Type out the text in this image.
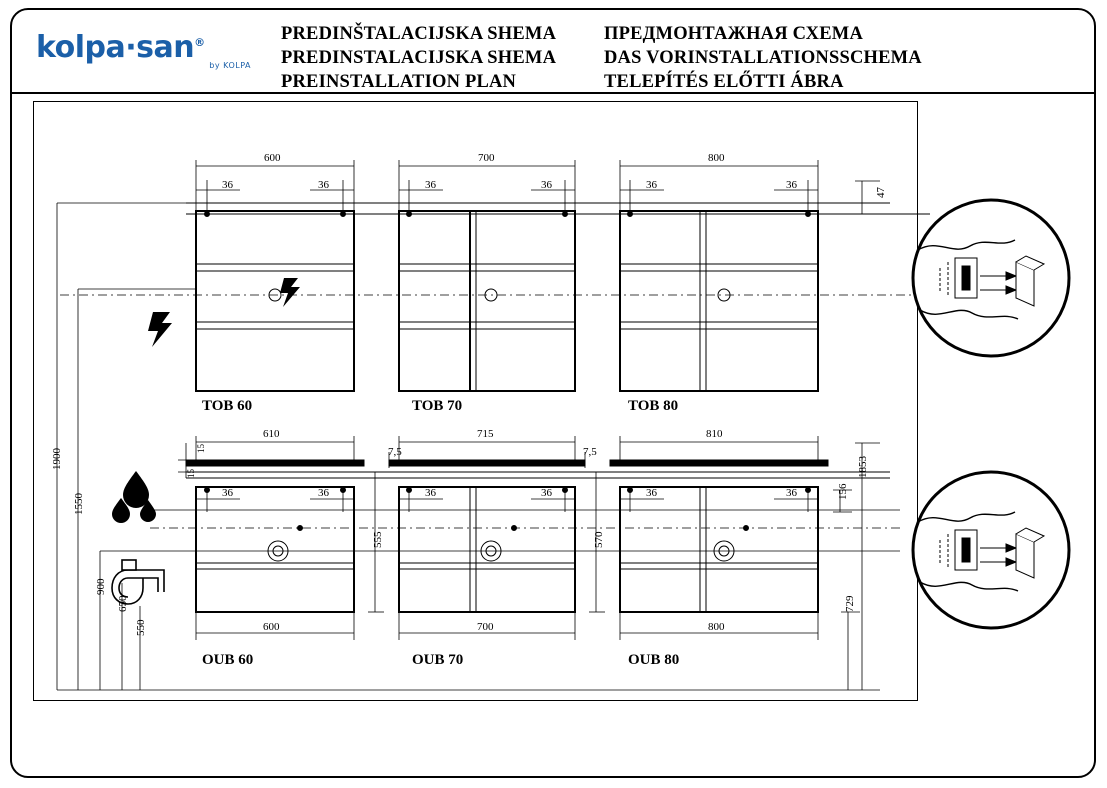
kolpa·san®
by KOLPA
PREDINŠTALACIJSKA SHEMA
PREDINSTALACIJSKA SHEMA
PREINSTALLATION PLAN
ПРЕДМОНТАЖНАЯ СХЕМА
DAS VORINSTALLATIONSSCHEMA
TELEPÍTÉS ELŐTTI ÁBRA
600	700	800
36	36	36	36	36	36
47
TOB 60	TOB 70	TOB 80
610	715	810
7,5	7,5
15
15
36	36	36	36	36	36
555	570
600	700	800
OUB 60	OUB 70	OUB 80
1900
1550
900
650
550
1853
156
729
